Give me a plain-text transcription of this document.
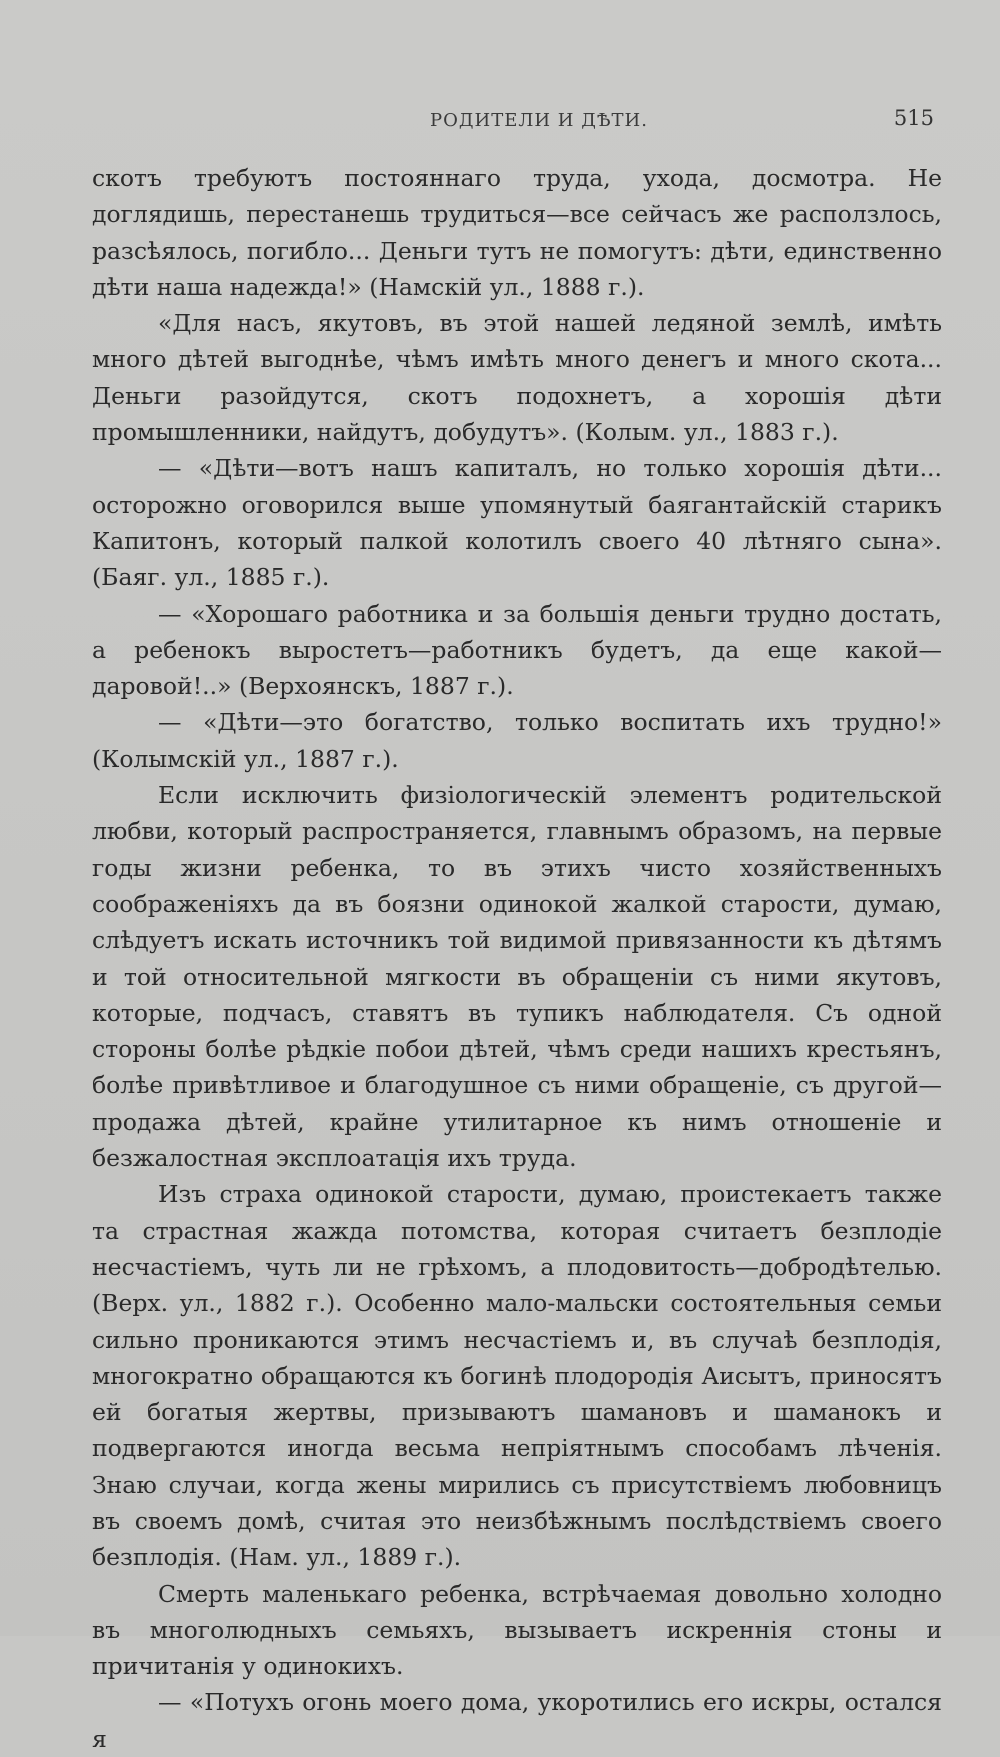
РОДИТЕЛИ И ДѢТИ.	515

скотъ требуютъ постояннаго труда, ухода, досмотра. Не доглядишь, перестанешь трудиться—все сейчасъ же расползлось, разсѣялось, погибло... Деньги тутъ не помогутъ: дѣти, единственно дѣти наша надежда!» (Намскій ул., 1888 г.).

«Для насъ, якутовъ, въ этой нашей ледяной землѣ, имѣть много дѣтей выгоднѣе, чѣмъ имѣть много денегъ и много скота... Деньги разойдутся, скотъ подохнетъ, а хорошія дѣти промышленники, найдутъ, добудутъ». (Колым. ул., 1883 г.).

— «Дѣти—вотъ нашъ капиталъ, но только хорошія дѣти... осторожно оговорился выше упомянутый баягантайскій старикъ Капитонъ, который палкой колотилъ своего 40 лѣтняго сына». (Баяг. ул., 1885 г.).

— «Хорошаго работника и за большія деньги трудно достать, а ребенокъ выростетъ—работникъ будетъ, да еще какой—даровой!..» (Верхоянскъ, 1887 г.).

— «Дѣти—это богатство, только воспитать ихъ трудно!» (Колымскій ул., 1887 г.).

Если исключить физіологическій элементъ родительской любви, который распространяется, главнымъ образомъ, на первые годы жизни ребенка, то въ этихъ чисто хозяйственныхъ соображеніяхъ да въ боязни одинокой жалкой старости, думаю, слѣдуетъ искать источникъ той видимой привязанности къ дѣтямъ и той относительной мягкости въ обращеніи съ ними якутовъ, которые, подчасъ, ставятъ въ тупикъ наблюдателя. Съ одной стороны болѣе рѣдкіе побои дѣтей, чѣмъ среди нашихъ крестьянъ, болѣе привѣтливое и благодушное съ ними обращеніе, съ другой—продажа дѣтей, крайне утилитарное къ нимъ отношеніе и безжалостная эксплоатація ихъ труда.

Изъ страха одинокой старости, думаю, проистекаетъ также та страстная жажда потомства, которая считаетъ безплодіе несчастіемъ, чуть ли не грѣхомъ, а плодовитость—добродѣтелью. (Верх. ул., 1882 г.). Особенно мало-мальски состоятельныя семьи сильно проникаются этимъ несчастіемъ и, въ случаѣ безплодія, многократно обращаются къ богинѣ плодородія Аисытъ, приносятъ ей богатыя жертвы, призываютъ шамановъ и шаманокъ и подвергаются иногда весьма непріятнымъ способамъ лѣченія. Знаю случаи, когда жены мирились съ присутствіемъ любовницъ въ своемъ домѣ, считая это неизбѣжнымъ послѣдствіемъ своего безплодія. (Нам. ул., 1889 г.).

Смерть маленькаго ребенка, встрѣчаемая довольно холодно въ многолюдныхъ семьяхъ, вызываетъ искреннія стоны и причитанія у одинокихъ.

— «Потухъ огонь моего дома, укоротились его искры, остался я
